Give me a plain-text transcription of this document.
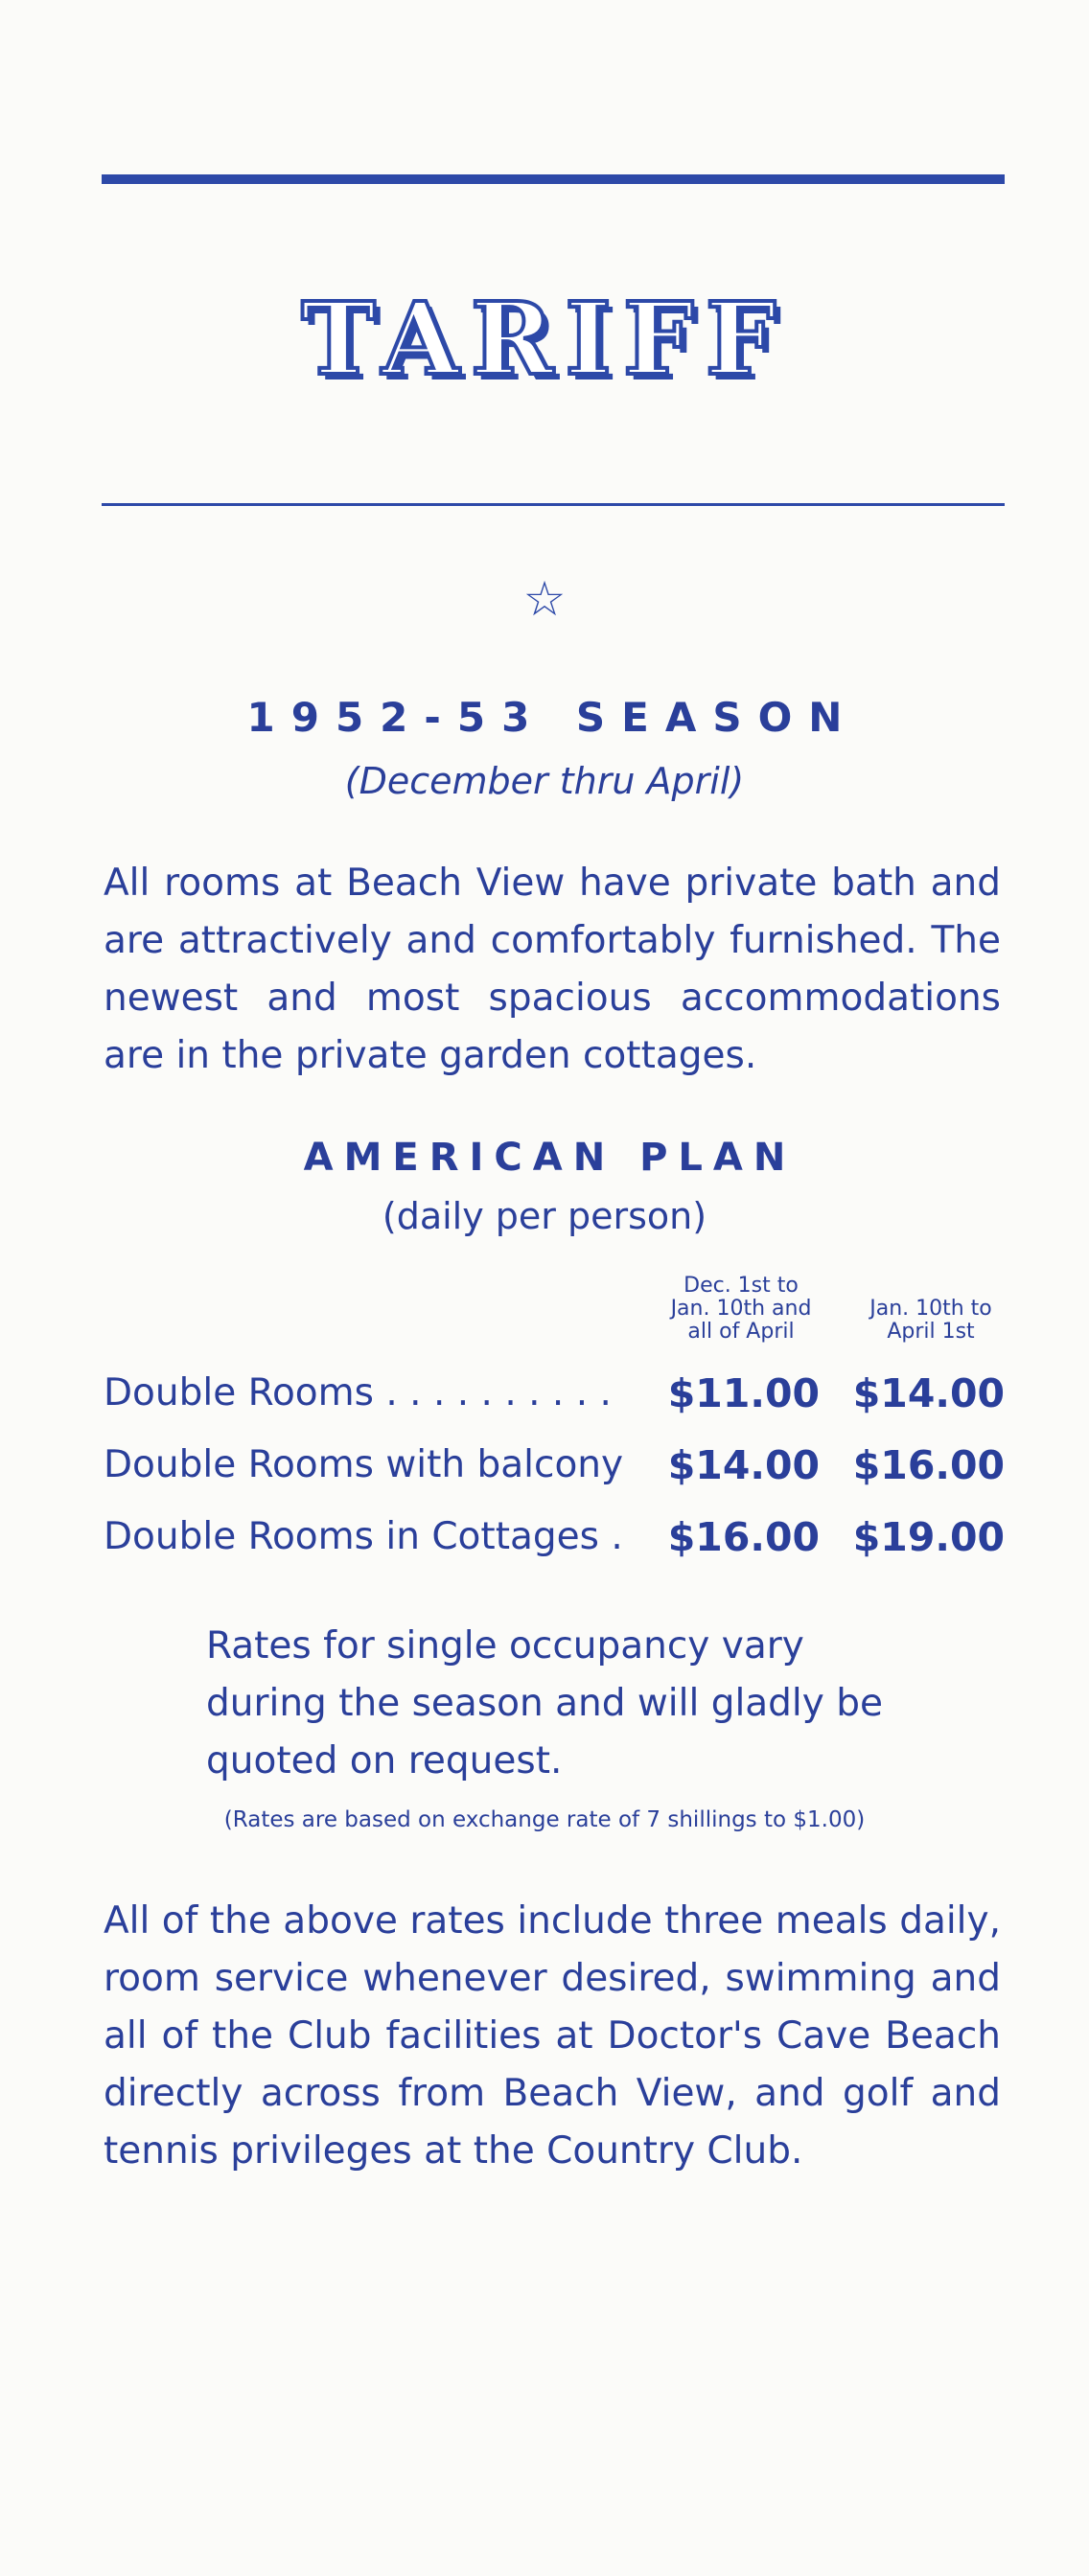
TARIFF
☆
1952-53 SEASON
(December thru April)
All rooms at Beach View have private bath and are attractively and comfortably furnished. The newest and most spacious accommodations are in the private garden cottages.
AMERICAN PLAN
(daily per person)
Dec. 1st to
Jan. 10th and
all of April
Jan. 10th to
April 1st
Double Rooms . . . . . . . . . . $11.00 $14.00
Double Rooms with balcony $14.00 $16.00
Double Rooms in Cottages . $16.00 $19.00
Rates for single occupancy vary during the season and will gladly be quoted on request.
(Rates are based on exchange rate of 7 shillings to $1.00)
All of the above rates include three meals daily, room service whenever desired, swimming and all of the Club facilities at Doctor's Cave Beach directly across from Beach View, and golf and tennis privileges at the Country Club.
